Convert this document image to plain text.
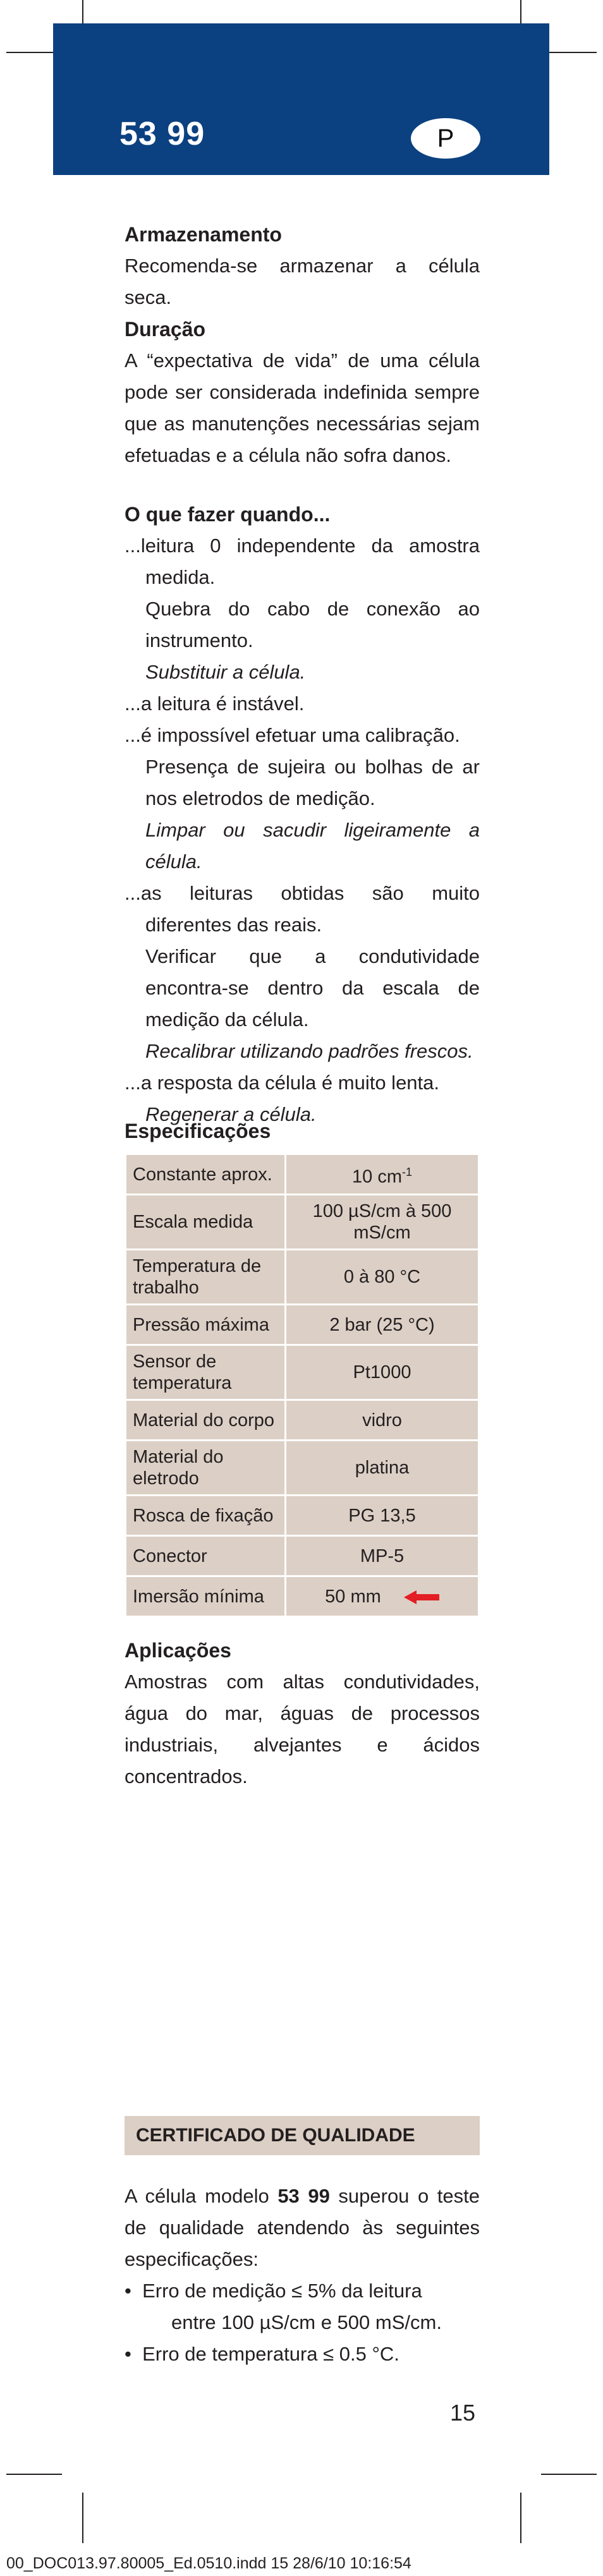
53 99	P
Armazenamento

Recomenda-se armazenar a célula seca.

Duração

A “expectativa de vida” de uma célula pode ser considerada indefinida sempre que as manutenções necessárias sejam efetuadas e a célula não sofra danos.

O que fazer quando...

...leitura 0 independente da amostra medida.

Quebra do cabo de conexão ao instrumento.

Substituir a célula.

...a leitura é instável.

...é impossível efetuar uma calibração.

Presença de sujeira ou bolhas de ar nos eletrodos de medição.

Limpar ou sacudir ligeiramente a célula.

...as leituras obtidas são muito diferentes das reais.

Verificar que a condutividade encontra-se dentro da escala de medição da célula.

Recalibrar utilizando padrões frescos.

...a resposta da célula é muito lenta.

Regenerar a célula.

Especificações
Constante aprox.	10 $cm^{-1}$
Escala medida	100 µS/cm à 500 mS/cm
Temperatura de trabalho	0 à 80 °C
Pressão máxima	2 bar (25 °C)
Sensor de temperatura	Pt1000
Material do corpo	vidro
Material do eletrodo	platina
Rosca de fixação	PG 13,5
Conector	MP-5
Imersão mínima	50 mm
Aplicações

Amostras com altas condutividades, água do mar, águas de processos industriais, alvejantes e ácidos concentrados.

CERTIFICADO DE QUALIDADE

A célula modelo 53 99 superou o teste de qualidade atendendo às seguintes especificações:

•  Erro de medição ≤ 5% da leitura

entre 100 µS/cm e 500 mS/cm.

•  Erro de temperatura ≤ 0.5 °C.

15
00_DOC013.97.80005_Ed.0510.indd 15 28/6/10 10:16:54
